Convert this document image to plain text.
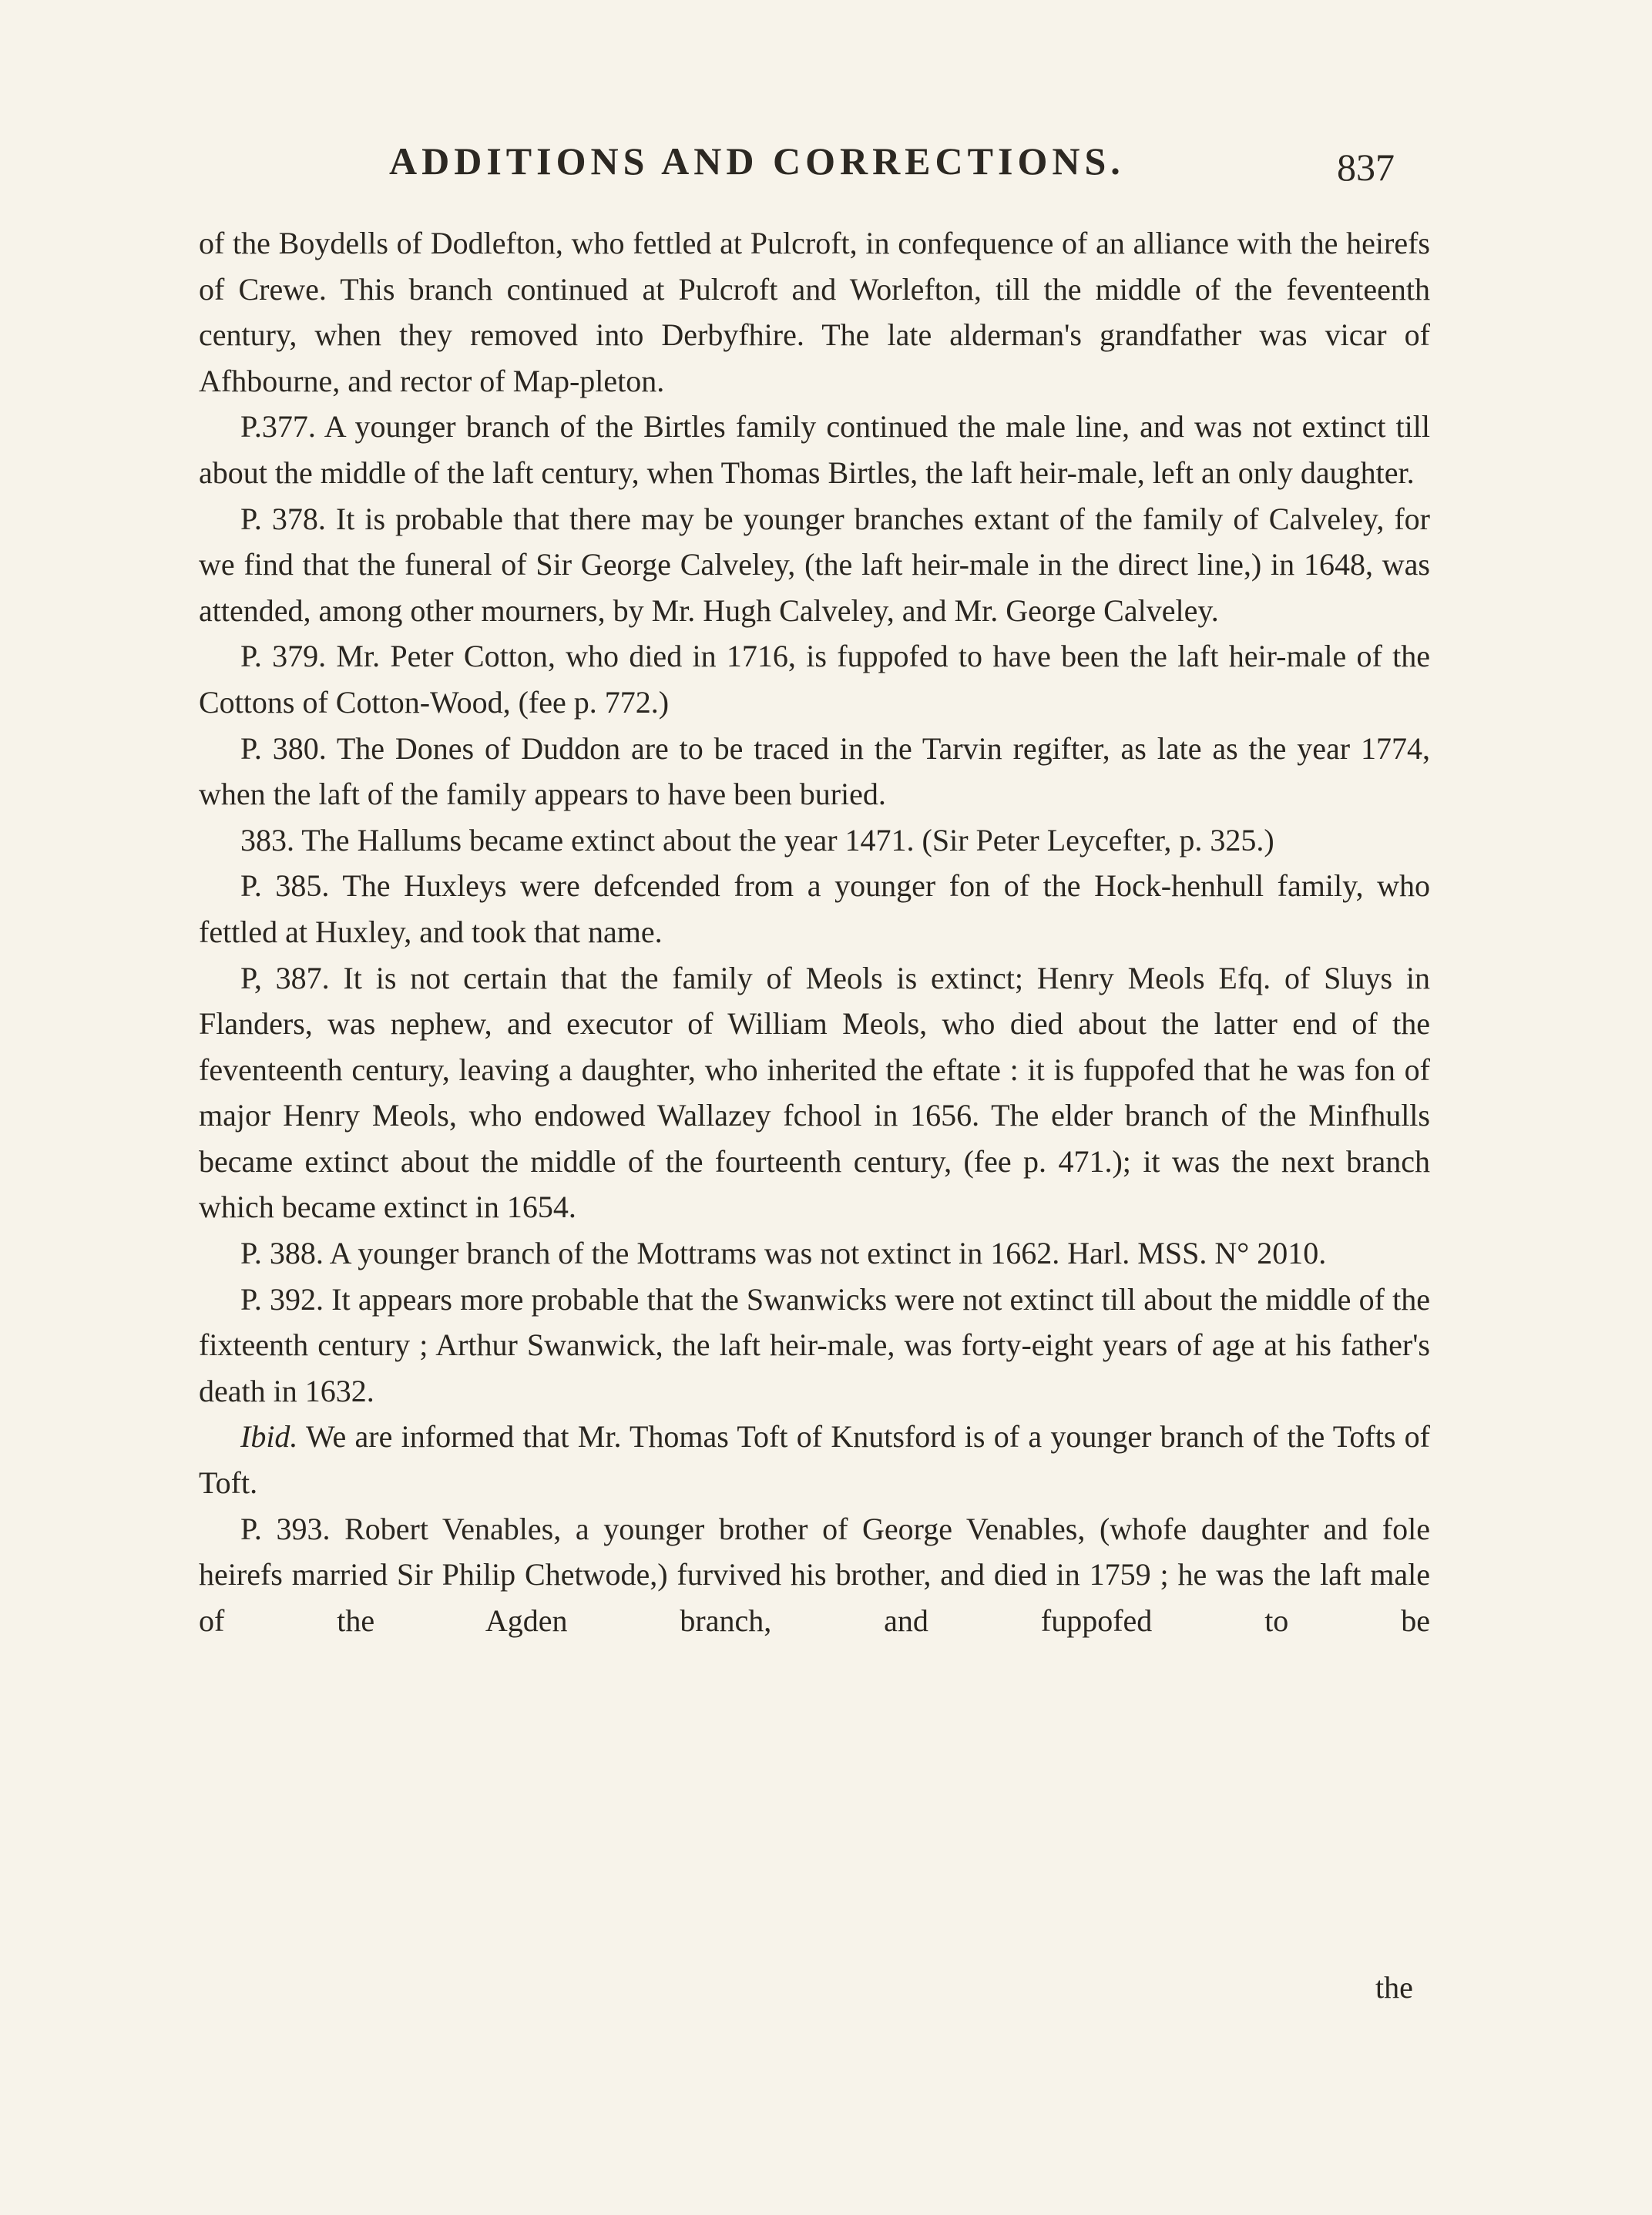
ADDITIONS AND CORRECTIONS.	837

of the Boydells of Dodlefton, who fettled at Pulcroft, in confequence of an alliance with the heirefs of Crewe. This branch continued at Pulcroft and Worlefton, till the middle of the feventeenth century, when they removed into Derbyfhire. The late alderman's grandfather was vicar of Afhbourne, and rector of Map-pleton.

P.377. A younger branch of the Birtles family continued the male line, and was not extinct till about the middle of the laft century, when Thomas Birtles, the laft heir-male, left an only daughter.

P. 378. It is probable that there may be younger branches extant of the family of Calveley, for we find that the funeral of Sir George Calveley, (the laft heir-male in the direct line,) in 1648, was attended, among other mourners, by Mr. Hugh Calveley, and Mr. George Calveley.

P. 379. Mr. Peter Cotton, who died in 1716, is fuppofed to have been the laft heir-male of the Cottons of Cotton-Wood, (fee p. 772.)

P. 380. The Dones of Duddon are to be traced in the Tarvin regifter, as late as the year 1774, when the laft of the family appears to have been buried.

383. The Hallums became extinct about the year 1471. (Sir Peter Leycefter, p. 325.)

P. 385. The Huxleys were defcended from a younger fon of the Hock-henhull family, who fettled at Huxley, and took that name.

P, 387. It is not certain that the family of Meols is extinct; Henry Meols Efq. of Sluys in Flanders, was nephew, and executor of William Meols, who died about the latter end of the feventeenth century, leaving a daughter, who inherited the eftate : it is fuppofed that he was fon of major Henry Meols, who endowed Wallazey fchool in 1656. The elder branch of the Minfhulls became extinct about the middle of the fourteenth century, (fee p. 471.); it was the next branch which became extinct in 1654.

P. 388. A younger branch of the Mottrams was not extinct in 1662. Harl. MSS. N° 2010.

P. 392. It appears more probable that the Swanwicks were not extinct till about the middle of the fixteenth century ; Arthur Swanwick, the laft heir-male, was forty-eight years of age at his father's death in 1632.

Ibid. We are informed that Mr. Thomas Toft of Knutsford is of a younger branch of the Tofts of Toft.

P. 393. Robert Venables, a younger brother of George Venables, (whofe daughter and fole heirefs married Sir Philip Chetwode,) furvived his brother, and died in 1759 ; he was the laft male of the Agden branch, and fuppofed to be

the
